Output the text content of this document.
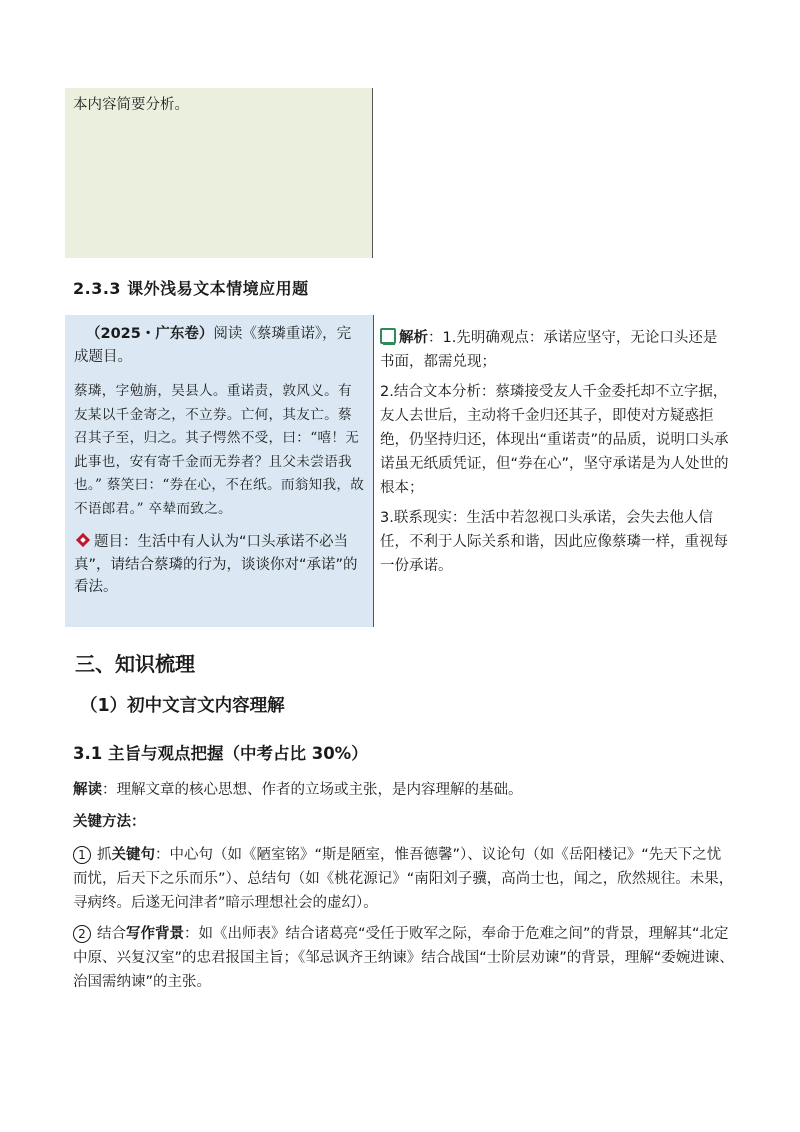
本内容简要分析。
2.3.3 课外浅易文本情境应用题

（2025・广东卷）阅读《蔡璘重诺》，完成题目。

蔡璘，字勉旃，吴县人。重诺责，敦风义。有友某以千金寄之，不立券。亡何，其友亡。蔡召其子至，归之。其子愕然不受，曰：“嘻！无此事也，安有寄千金而无券者？且父未尝语我也。” 蔡笑曰：“券在心，不在纸。而翁知我，故不语郎君。” 卒辇而致之。

题目：生活中有人认为“口头承诺不必当真”，请结合蔡璘的行为，谈谈你对“承诺”的看法。

解析：1.先明确观点：承诺应坚守，无论口头还是书面，都需兑现；

2.结合文本分析：蔡璘接受友人千金委托却不立字据，友人去世后，主动将千金归还其子，即使对方疑惑拒绝，仍坚持归还，体现出“重诺责”的品质，说明口头承诺虽无纸质凭证，但“券在心”，坚守承诺是为人处世的根本；

3.联系现实：生活中若忽视口头承诺，会失去他人信任，不利于人际关系和谐，因此应像蔡璘一样，重视每一份承诺。

三、知识梳理
（1）初中文言文内容理解
3.1 主旨与观点把握（中考占比 30%）
解读：理解文章的核心思想、作者的立场或主张，是内容理解的基础。
关键方法：
1 抓关键句：中心句（如《陋室铭》“斯是陋室，惟吾德馨”）、议论句（如《岳阳楼记》“先天下之忧而忧，后天下之乐而乐”）、总结句（如《桃花源记》“南阳刘子骥，高尚士也，闻之，欣然规往。未果，寻病终。后遂无问津者”暗示理想社会的虚幻）。
2 结合写作背景：如《出师表》结合诸葛亮“受任于败军之际，奉命于危难之间”的背景，理解其“北定中原、兴复汉室”的忠君报国主旨；《邹忌讽齐王纳谏》结合战国“士阶层劝谏”的背景，理解“委婉进谏、治国需纳谏”的主张。
